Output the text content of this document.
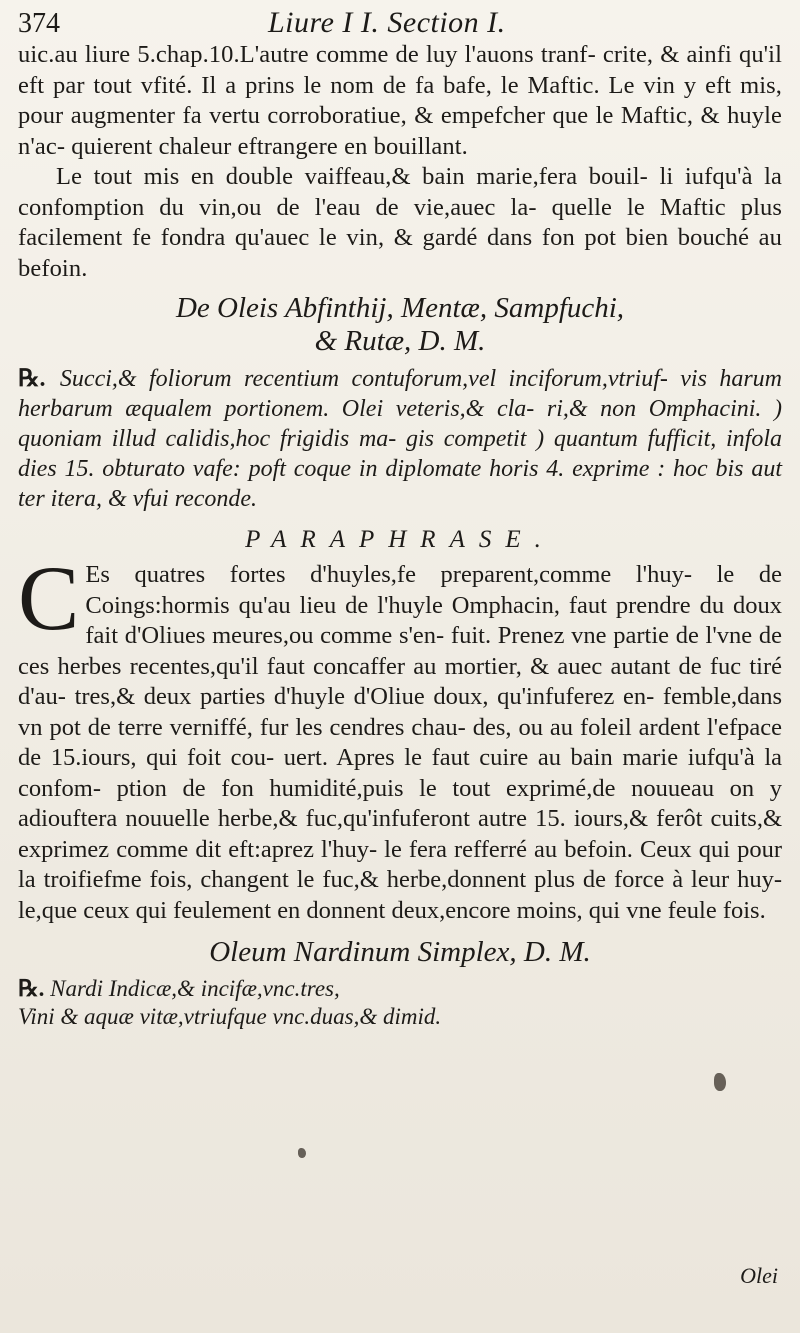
374	Liure I I. Section I.

uic.au liure 5.chap.10.L'autre comme de luy l'auons tranf- crite, & ainfi qu'il eft par tout vfité. Il a prins le nom de fa bafe, le Maftic. Le vin y eft mis, pour augmenter fa vertu corroboratiue, & empefcher que le Maftic, & huyle n'ac- quierent chaleur eftrangere en bouillant.

Le tout mis en double vaiffeau,& bain marie,fera bouil- li iufqu'à la confomption du vin,ou de l'eau de vie,auec la- quelle le Maftic plus facilement fe fondra qu'auec le vin, & gardé dans fon pot bien bouché au befoin.

De Oleis Abfinthij, Mentæ, Sampfuchi,
& Rutæ, D. M.
℞. Succi,& foliorum recentium contuforum,vel inciforum,vtriuf- vis harum herbarum æqualem portionem. Olei veteris,& cla- ri,& non Omphacini. ) quoniam illud calidis,hoc frigidis ma- gis competit ) quantum fufficit, infola dies 15. obturato vafe: poft coque in diplomate horis 4. exprime : hoc bis aut ter itera, & vfui reconde.
PARAPHRASE.
C Es quatres fortes d'huyles,fe preparent,comme l'huy- le de Coings:hormis qu'au lieu de l'huyle Omphacin, faut prendre du doux fait d'Oliues meures,ou comme s'en- fuit. Prenez vne partie de l'vne de ces herbes recentes,qu'il faut concaffer au mortier, & auec autant de fuc tiré d'au- tres,& deux parties d'huyle d'Oliue doux, qu'infuferez en- femble,dans vn pot de terre verniffé, fur les cendres chau- des, ou au foleil ardent l'efpace de 15.iours, qui foit cou- uert. Apres le faut cuire au bain marie iufqu'à la confom- ption de fon humidité,puis le tout exprimé,de nouueau on y adiouftera nouuelle herbe,& fuc,qu'infuferont autre 15. iours,& ferôt cuits,& exprimez comme dit eft:aprez l'huy- le fera refferré au befoin. Ceux qui pour la troifiefme fois, changent le fuc,& herbe,donnent plus de force à leur huy- le,que ceux qui feulement en donnent deux,encore moins, qui vne feule fois.
Oleum Nardinum Simplex, D. M.
℞. Nardi Indicæ,& incifæ,vnc.tres,
Vini & aquæ vitæ,vtriufque vnc.duas,& dimid.
Olei
